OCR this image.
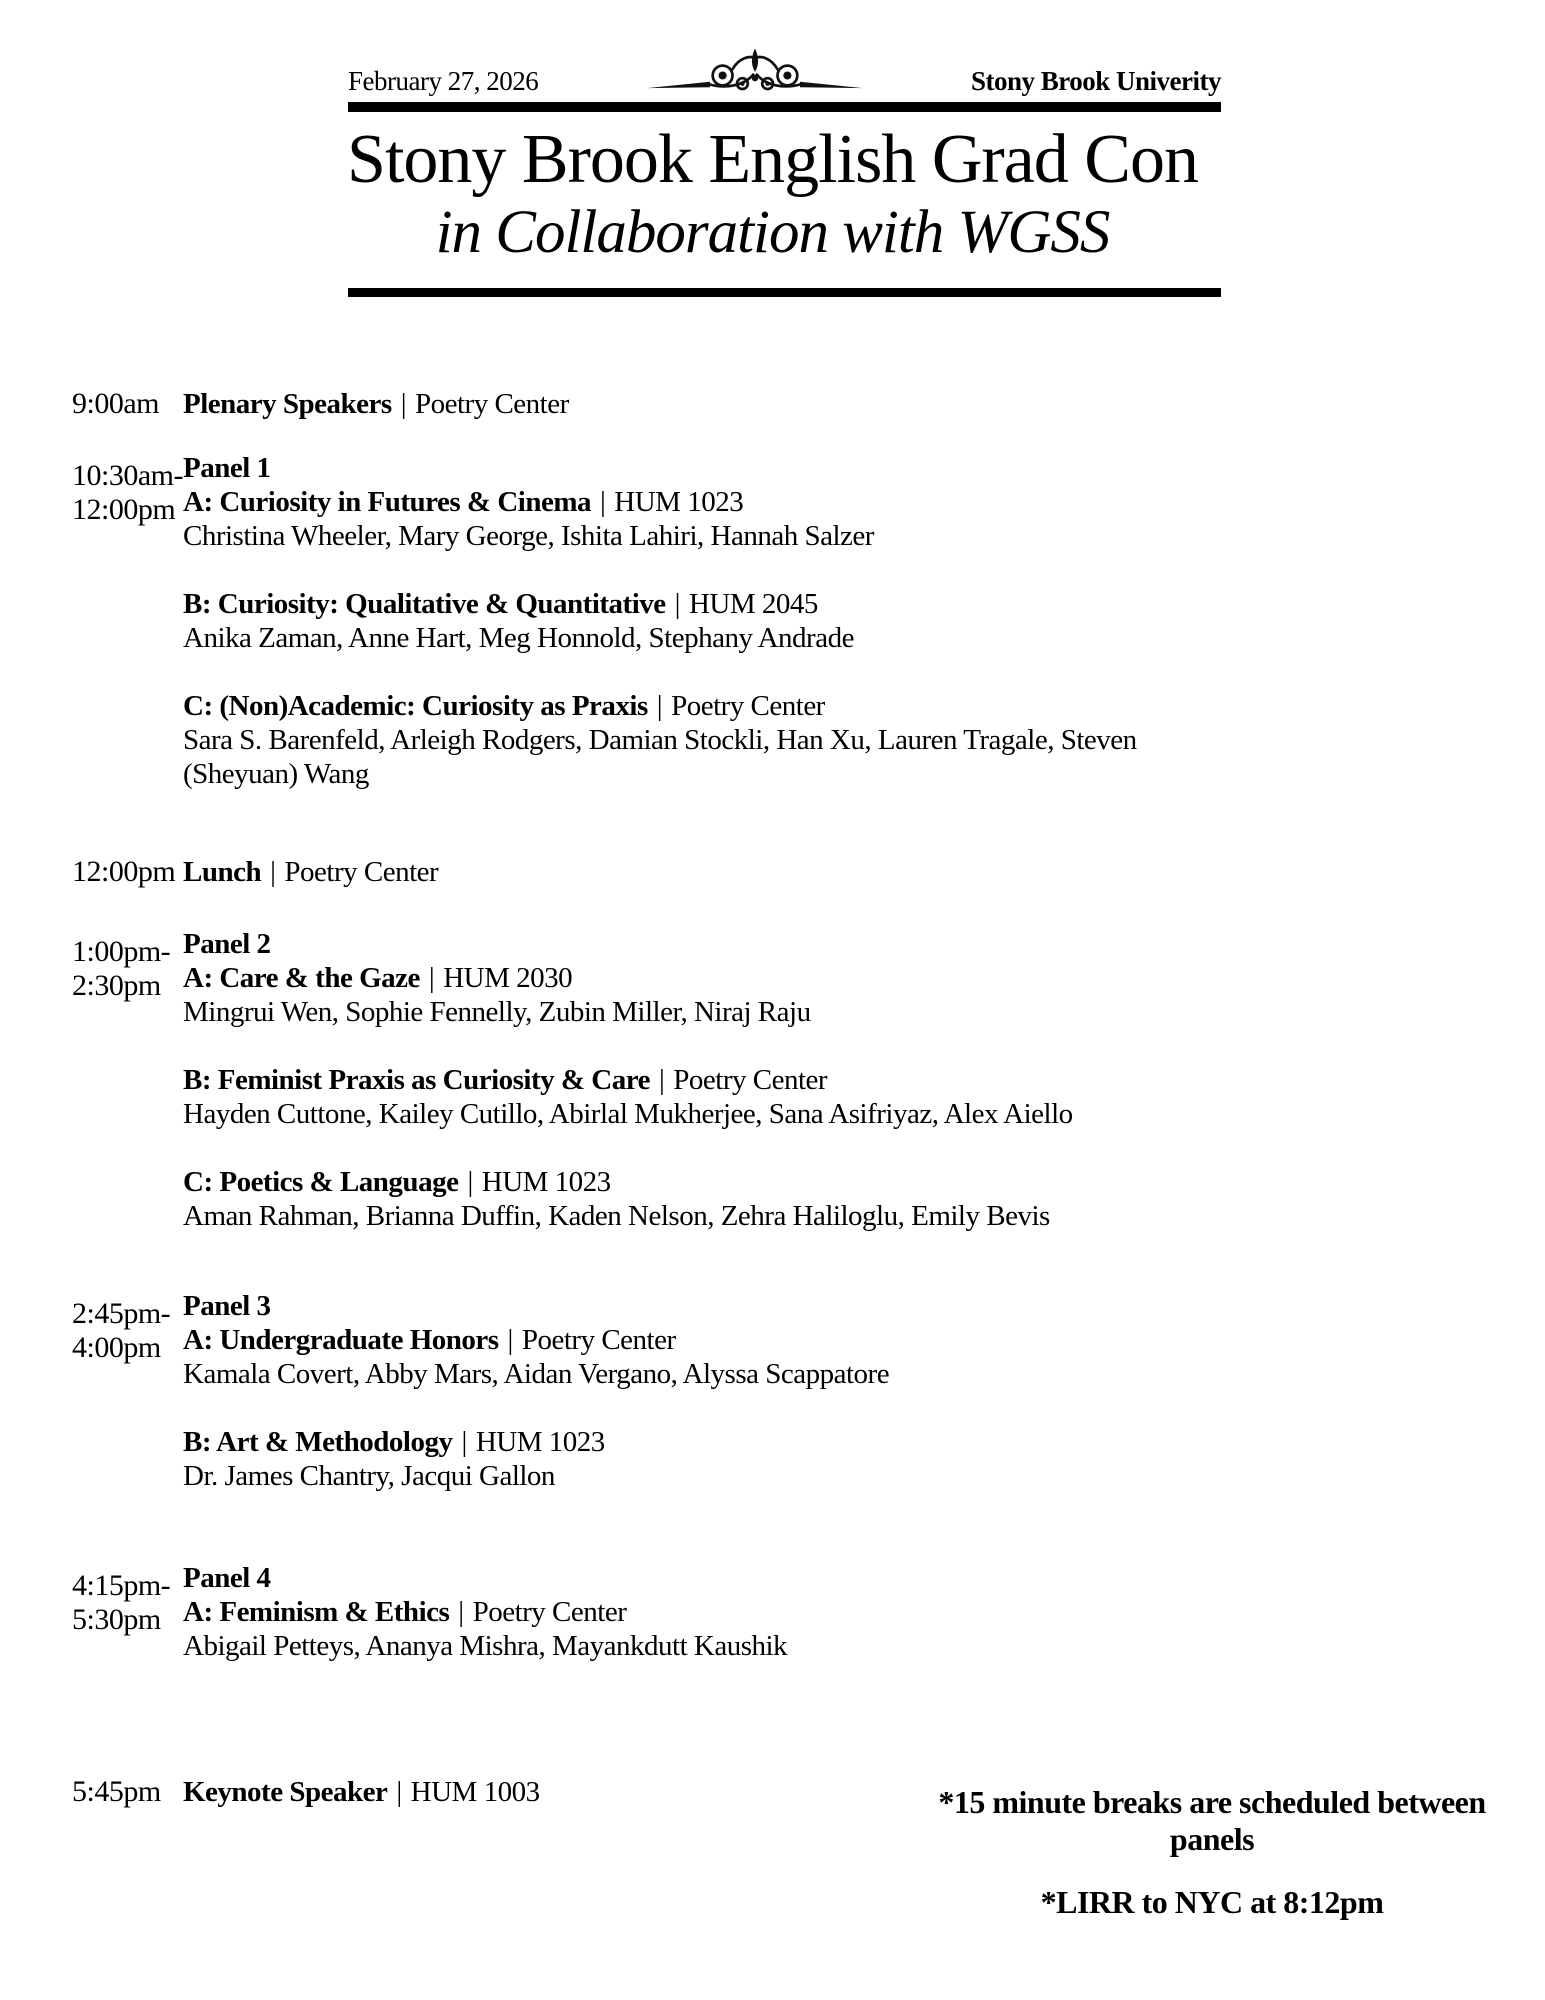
February 27, 2026	Stony Brook Univerity
Stony Brook English Grad Con
in Collaboration with WGSS
9:00am Plenary Speakers | Poetry Center
10:30am-
12:00pm
Panel 1
A: Curiosity in Futures & Cinema | HUM 1023
Christina Wheeler, Mary George, Ishita Lahiri, Hannah Salzer
B: Curiosity: Qualitative & Quantitative | HUM 2045
Anika Zaman, Anne Hart, Meg Honnold, Stephany Andrade
C: (Non)Academic: Curiosity as Praxis | Poetry Center
Sara S. Barenfeld, Arleigh Rodgers, Damian Stockli, Han Xu, Lauren Tragale, Steven (Sheyuan) Wang
12:00pm Lunch | Poetry Center
1:00pm-
2:30pm
Panel 2
A: Care & the Gaze | HUM 2030
Mingrui Wen, Sophie Fennelly, Zubin Miller, Niraj Raju
B: Feminist Praxis as Curiosity & Care | Poetry Center
Hayden Cuttone, Kailey Cutillo, Abirlal Mukherjee, Sana Asifriyaz, Alex Aiello
C: Poetics & Language | HUM 1023
Aman Rahman, Brianna Duffin, Kaden Nelson, Zehra Haliloglu, Emily Bevis
2:45pm-
4:00pm
Panel 3
A: Undergraduate Honors | Poetry Center
Kamala Covert, Abby Mars, Aidan Vergano, Alyssa Scappatore
B: Art & Methodology | HUM 1023
Dr. James Chantry, Jacqui Gallon
4:15pm-
5:30pm
Panel 4
A: Feminism & Ethics | Poetry Center
Abigail Petteys, Ananya Mishra, Mayankdutt Kaushik
5:45pm Keynote Speaker | HUM 1003	*15 minute breaks are scheduled between panels
*LIRR to NYC at 8:12pm
